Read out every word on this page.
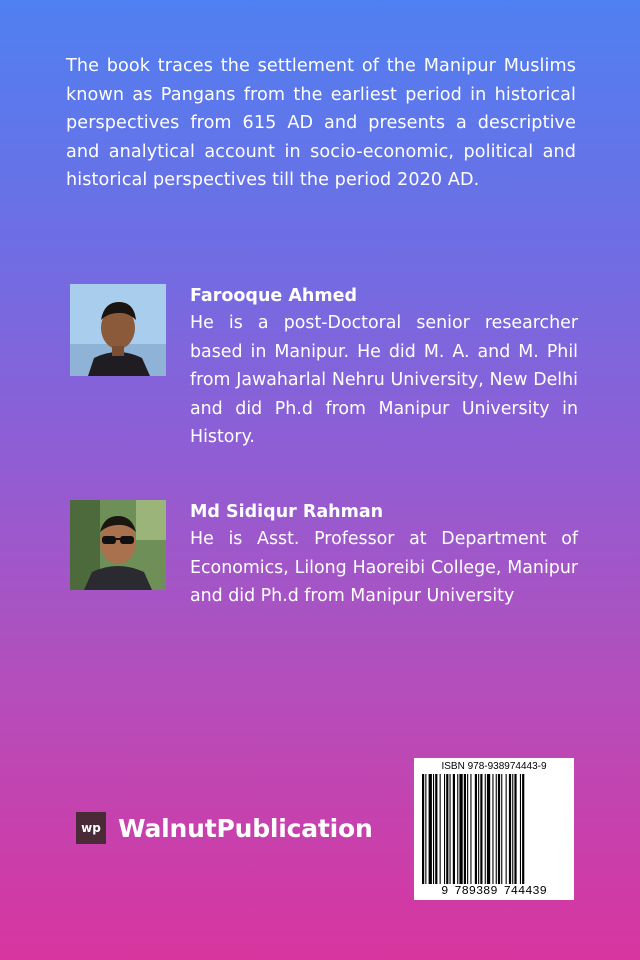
The book traces the settlement of the Manipur Muslims known as Pangans from the earliest period in historical perspectives from 615 AD and presents a descriptive and analytical account in socio-economic, political and historical perspectives till the period 2020 AD.
Farooque Ahmed
He is a post-Doctoral senior researcher based in Manipur. He did M. A. and M. Phil from Jawaharlal Nehru University, New Delhi and did Ph.d from Manipur University in History.
Md Sidiqur Rahman
He is Asst. Professor at Department of Economics, Lilong Haoreibi College, Manipur and did Ph.d from Manipur University
wp WalnutPublication
ISBN 978-938974443-9
9 789389 744439
